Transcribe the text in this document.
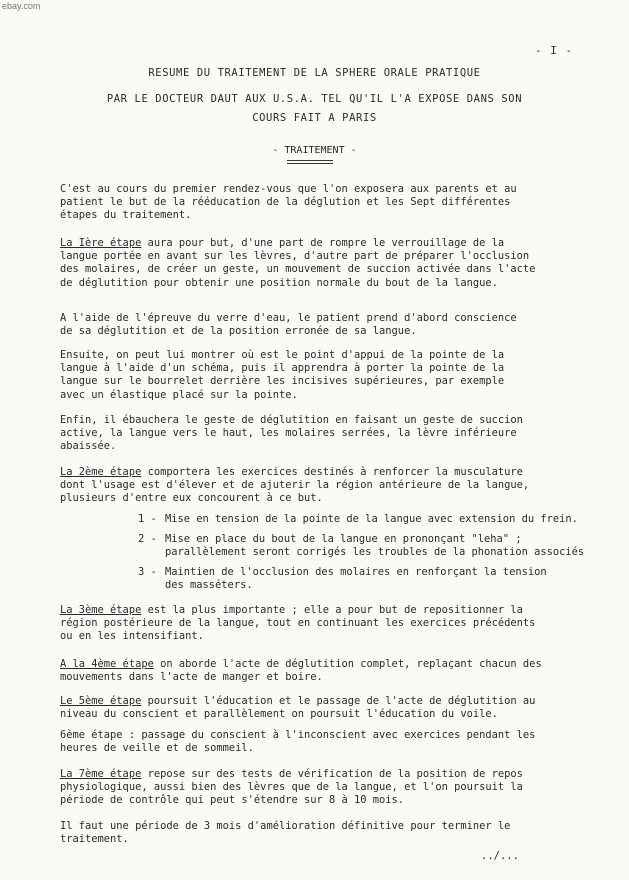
ebay.com
- I -
RESUME DU TRAITEMENT DE LA SPHERE ORALE PRATIQUE
PAR LE DOCTEUR DAUT AUX U.S.A. TEL QU'IL L'A EXPOSE DANS SON
COURS FAIT A PARIS
- TRAITEMENT -

C'est au cours du premier rendez-vous que l'on exposera aux parents et au
patient le but de la rééducation de la déglution et les Sept différentes
étapes du traitement.

La Ière étape aura pour but, d'une part de rompre le verrouillage de la
langue portée en avant sur les lèvres, d'autre part de préparer l'occlusion
des molaires, de créer un geste, un mouvement de succion activée dans l'acte
de déglutition pour obtenir une position normale du bout de la langue.

A l'aide de l'épreuve du verre d'eau, le patient prend d'abord conscience
de sa déglutition et de la position erronée de sa langue.

Ensuite, on peut lui montrer où est le point d'appui de la pointe de la
langue à l'aide d'un schéma, puis il apprendra à porter la pointe de la
langue sur le bourrelet derrière les incisives supérieures, par exemple
avec un élastique placé sur la pointe.

Enfin, il ébauchera le geste de déglutition en faisant un geste de succion
active, la langue vers le haut, les molaires serrées, la lèvre inférieure
abaissée.

La 2ème étape comportera les exercices destinés à renforcer la musculature
dont l'usage est d'élever et de ajuterir la région antérieure de la langue,
plusieurs d'entre eux concourent à ce but.

1 - Mise en tension de la pointe de la langue avec extension du frein.
2 - Mise en place du bout de la langue en prononçant "leha" ;
parallèlement seront corrigés les troubles de la phonation associés
3 - Maintien de l'occlusion des molaires en renforçant la tension
des masséters.

La 3ème étape est la plus importante ; elle a pour but de repositionner la
région postérieure de la langue, tout en continuant les exercices précédents
ou en les intensifiant.

A la 4ème étape on aborde l'acte de déglutition complet, replaçant chacun des
mouvements dans l'acte de manger et boire.

Le 5ème étape poursuit l'éducation et le passage de l'acte de déglutition au
niveau du conscient et parallèlement on poursuit l'éducation du voile.

6ème étape : passage du conscient à l'inconscient avec exercices pendant les
heures de veille et de sommeil.

La 7ème étape repose sur des tests de vérification de la position de repos
physiologique, aussi bien des lèvres que de la langue, et l'on poursuit la
période de contrôle qui peut s'étendre sur 8 à 10 mois.

Il faut une période de 3 mois d'amélioration définitive pour terminer le
traitement.

../...
